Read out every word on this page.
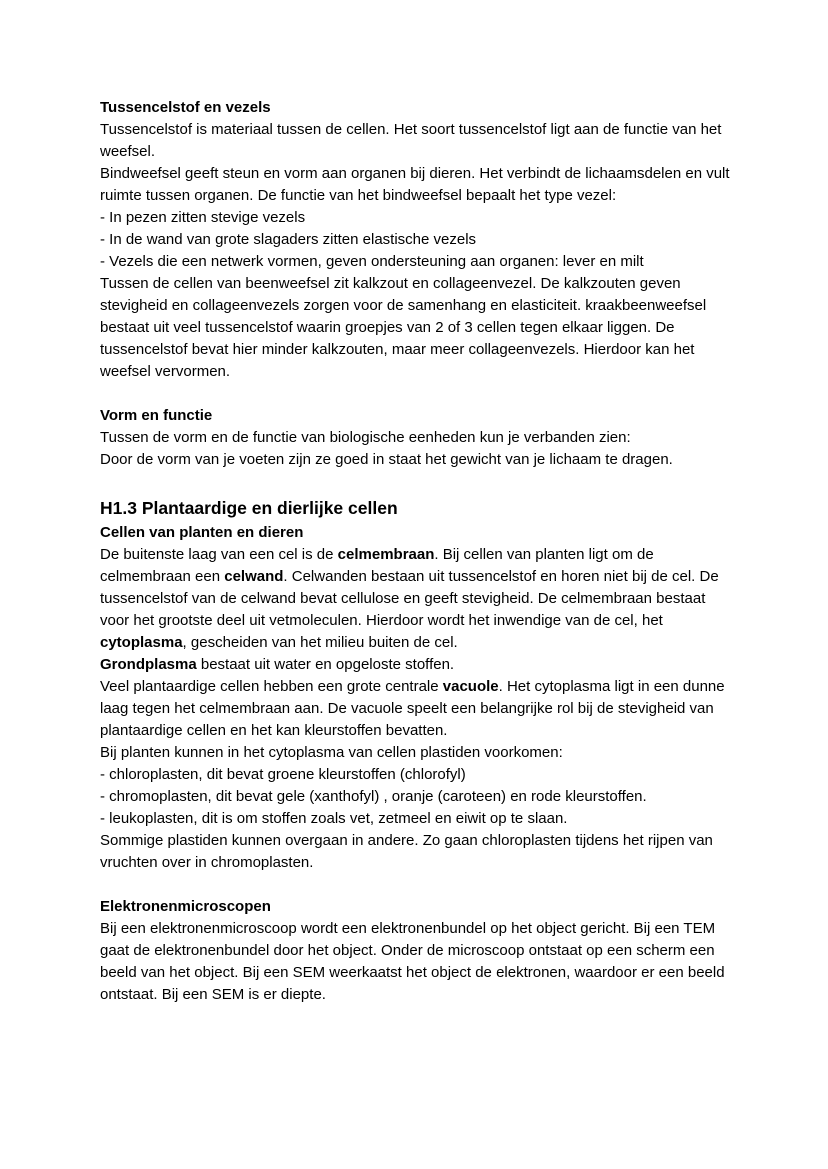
Tussencelstof en vezels
Tussencelstof is materiaal tussen de cellen. Het soort tussencelstof ligt aan de functie van het weefsel.
Bindweefsel geeft steun en vorm aan organen bij dieren. Het verbindt de lichaamsdelen en vult ruimte tussen organen. De functie van het bindweefsel bepaalt het type vezel:
- In pezen zitten stevige vezels
- In de wand van grote slagaders zitten elastische vezels
- Vezels die een netwerk vormen, geven ondersteuning aan organen: lever en milt
Tussen de cellen van beenweefsel zit kalkzout en collageenvezel. De kalkzouten geven stevigheid en collageenvezels zorgen voor de samenhang en elasticiteit. kraakbeenweefsel bestaat uit veel tussencelstof waarin groepjes van 2 of 3 cellen tegen elkaar liggen. De tussencelstof bevat hier minder kalkzouten, maar meer collageenvezels. Hierdoor kan het weefsel vervormen.

Vorm en functie
Tussen de vorm en de functie van biologische eenheden kun je verbanden zien:
Door de vorm van je voeten zijn ze goed in staat het gewicht van je lichaam te dragen.

H1.3 Plantaardige en dierlijke cellen
Cellen van planten en dieren
De buitenste laag van een cel is de celmembraan. Bij cellen van planten ligt om de celmembraan een celwand. Celwanden bestaan uit tussencelstof en horen niet bij de cel. De tussencelstof van de celwand bevat cellulose en geeft stevigheid. De celmembraan bestaat voor het grootste deel uit vetmoleculen. Hierdoor wordt het inwendige van de cel, het cytoplasma, gescheiden van het milieu buiten de cel.
Grondplasma bestaat uit water en opgeloste stoffen.
Veel plantaardige cellen hebben een grote centrale vacuole. Het cytoplasma ligt in een dunne laag tegen het celmembraan aan. De vacuole speelt een belangrijke rol bij de stevigheid van plantaardige cellen en het kan kleurstoffen bevatten.
Bij planten kunnen in het cytoplasma van cellen plastiden voorkomen:
- chloroplasten, dit bevat groene kleurstoffen (chlorofyl)
- chromoplasten, dit bevat gele (xanthofyl) , oranje (caroteen) en rode kleurstoffen.
- leukoplasten, dit is om stoffen zoals vet, zetmeel en eiwit op te slaan.
Sommige plastiden kunnen overgaan in andere. Zo gaan chloroplasten tijdens het rijpen van vruchten over in chromoplasten.

Elektronenmicroscopen
Bij een elektronenmicroscoop wordt een elektronenbundel op het object gericht. Bij een TEM gaat de elektronenbundel door het object. Onder de microscoop ontstaat op een scherm een beeld van het object. Bij een SEM weerkaatst het object de elektronen, waardoor er een beeld ontstaat. Bij een SEM is er diepte.
